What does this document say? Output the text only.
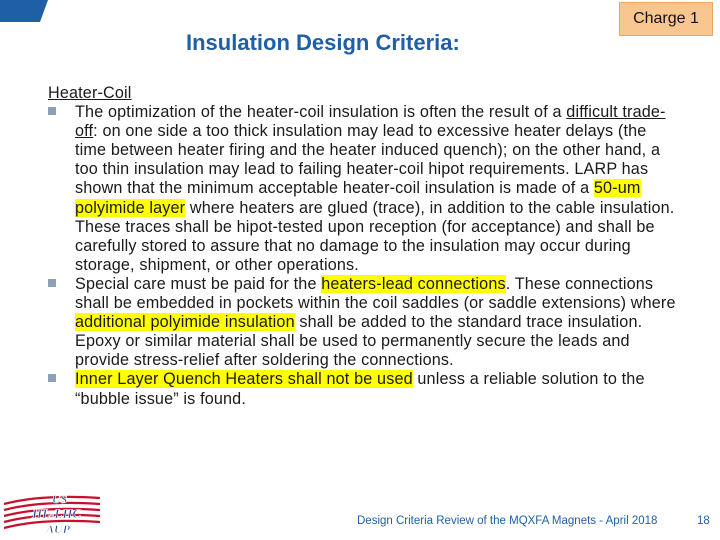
Insulation Design Criteria:
Charge 1

Heater-Coil

The optimization of the heater-coil insulation is often the result of a difficult trade-off: on one side a too thick insulation may lead to excessive heater delays (the time between heater firing and the heater induced quench); on the other hand, a too thin insulation may lead to failing heater-coil hipot requirements. LARP has shown that the minimum acceptable heater-coil insulation is made of a 50-um polyimide layer where heaters are glued (trace), in addition to the cable insulation. These traces shall be hipot-tested upon reception (for acceptance) and shall be carefully stored to assure that no damage to the insulation may occur during storage, shipment, or other operations.
Special care must be paid for the heaters-lead connections. These connections shall be embedded in pockets within the coil saddles (or saddle extensions) where additional polyimide insulation shall be added to the standard trace insulation. Epoxy or similar material shall be used to permanently secure the leads and provide stress-relief after soldering the connections.
Inner Layer Quench Heaters shall not be used unless a reliable solution to the “bubble issue” is found.
US
HL-LHC
AUP
Design Criteria Review of the MQXFA Magnets - April 2018	18
